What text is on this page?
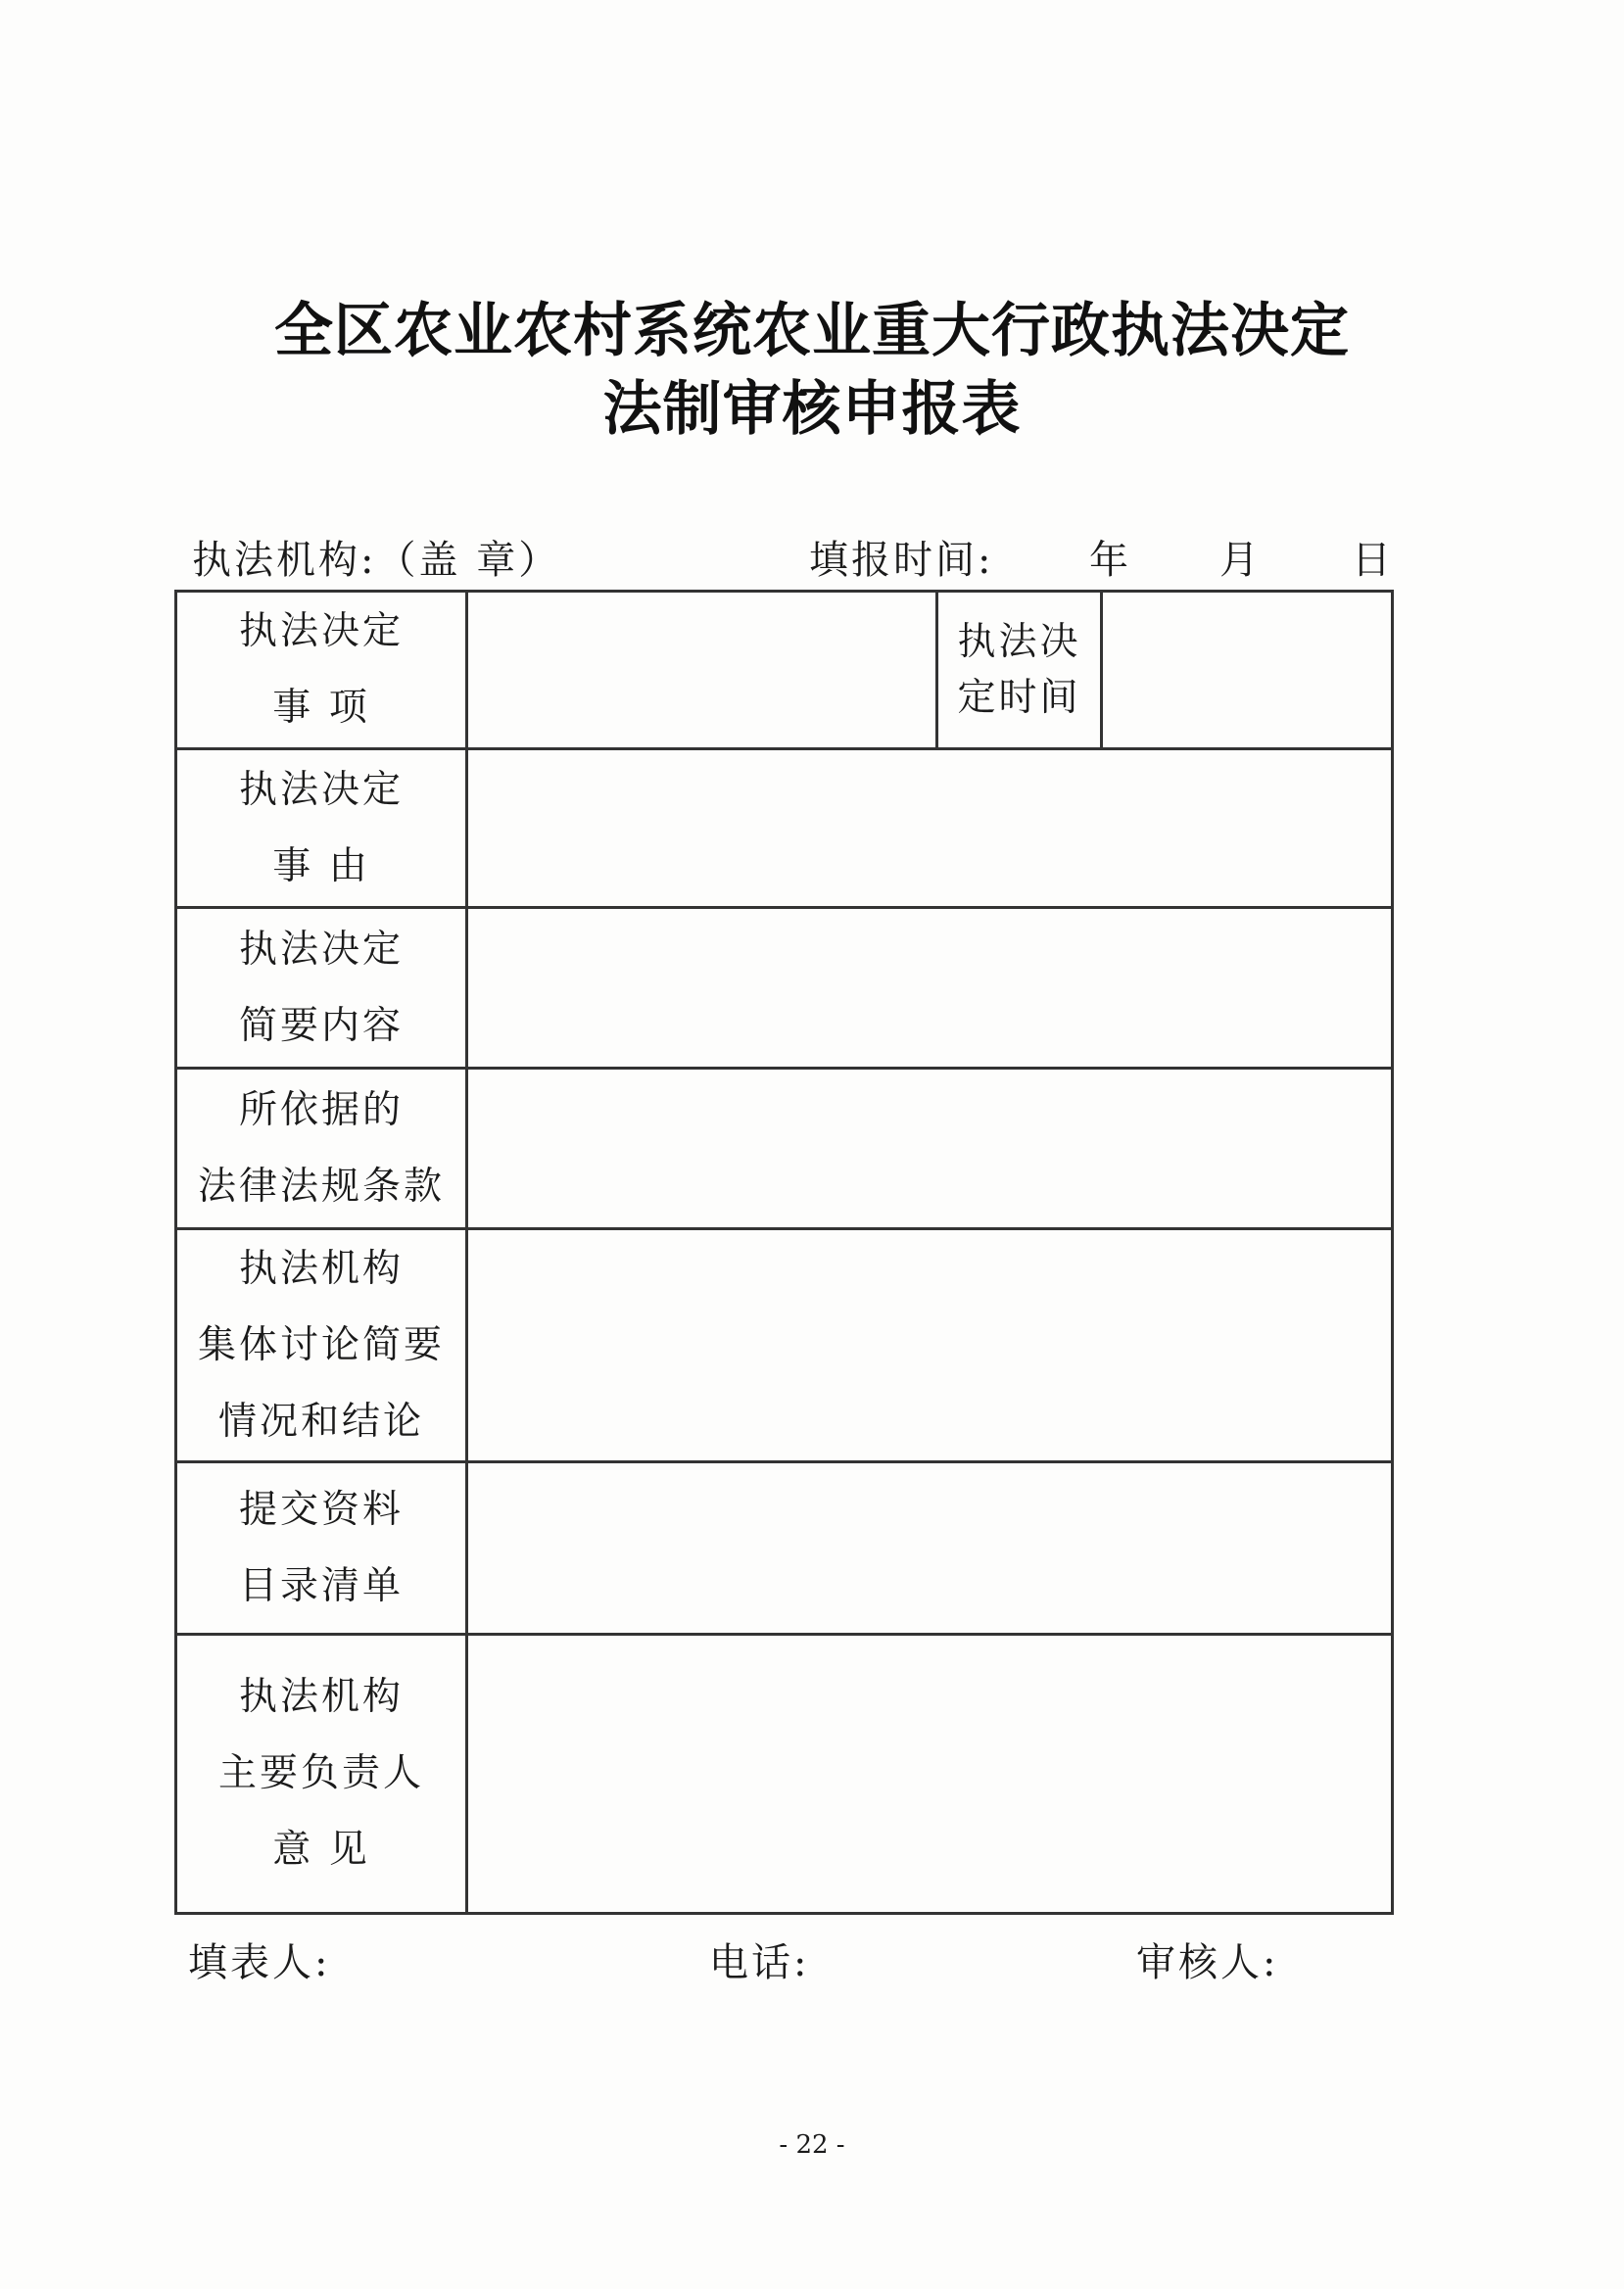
全区农业农村系统农业重大行政执法决定
法制审核申报表
执法机构:（盖 章）	填报时间: 年 月 日
执法决定
事 项		执法决
定时间	

执法决定
事 由			

执法决定
简要内容			

所依据的
法律法规条款			

执法机构
集体讨论简要
情况和结论			

提交资料
目录清单			

执法机构
主要负责人
意 见			

填表人:	电话:	审核人:
- 22 -
